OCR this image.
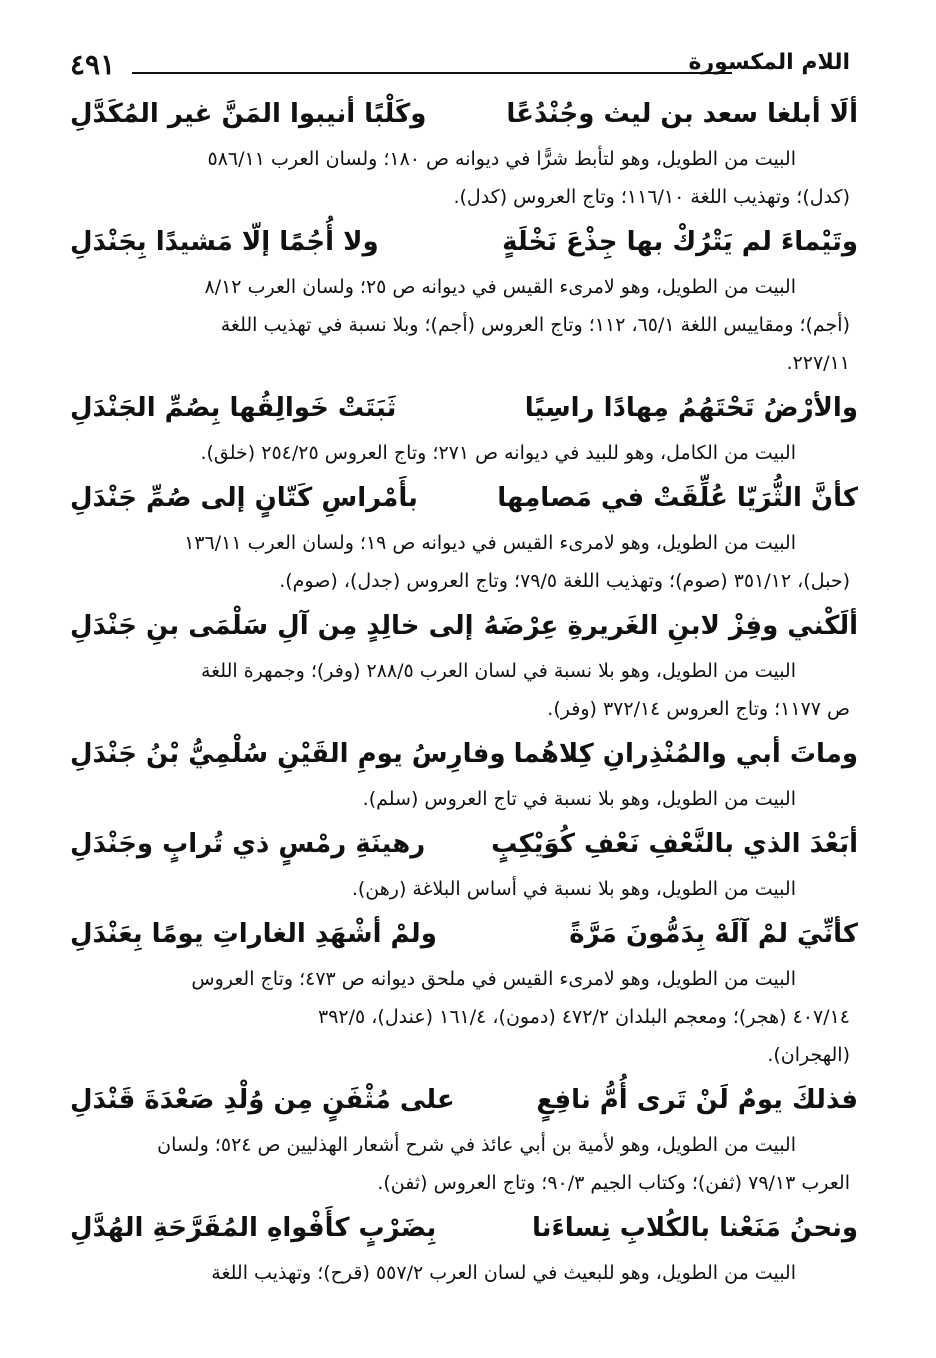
٤٩١	اللام المكسورة
ألَا أبلغا سعد بن ليث وجُنْدُعًا
وكَلْبًا أنيبوا المَنَّ غير المُكَدَّلِ
البيت من الطويل، وهو لتأبط شرًّا في ديوانه ص ١٨٠؛ ولسان العرب ٥٨٦/١١
(كدل)؛ وتهذيب اللغة ١١٦/١٠؛ وتاج العروس (كدل).
وتَيْماءَ لم يَتْرُكْ بها جِذْعَ نَخْلَةٍ
ولا أُجُمًا إلّا مَشيدًا بِجَنْدَلِ
البيت من الطويل، وهو لامرىء القيس في ديوانه ص ٢٥؛ ولسان العرب ٨/١٢
(أجم)؛ ومقاييس اللغة ٦٥/١، ١١٢؛ وتاج العروس (أجم)؛ وبلا نسبة في تهذيب اللغة
٢٢٧/١١.
والأرْضُ تَحْتَهُمُ مِهادًا راسِيًا
ثَبَتَتْ خَوالِقُها بِصُمِّ الجَنْدَلِ
البيت من الكامل، وهو للبيد في ديوانه ص ٢٧١؛ وتاج العروس ٢٥٤/٢٥ (خلق).
كأنَّ الثُّرَيّا عُلِّقَتْ في مَصامِها
بأَمْراسِ كَتّانٍ إلى صُمِّ جَنْدَلِ
البيت من الطويل، وهو لامرىء القيس في ديوانه ص ١٩؛ ولسان العرب ١٣٦/١١
(حبل)، ٣٥١/١٢ (صوم)؛ وتهذيب اللغة ٧٩/٥؛ وتاج العروس (جدل)، (صوم).
ألَكْني وفِزْ لابنِ الغَريرةِ عِرْضَهُ
إلى خالِدٍ مِن آلِ سَلْمَى بنِ جَنْدَلِ
البيت من الطويل، وهو بلا نسبة في لسان العرب ٢٨٨/٥ (وفر)؛ وجمهرة اللغة
ص ١١٧٧؛ وتاج العروس ٣٧٢/١٤ (وفر).
وماتَ أبي والمُنْذِرانِ كِلاهُما
وفارِسُ يومِ القَيْنِ سُلْمِيُّ بْنُ جَنْدَلِ
البيت من الطويل، وهو بلا نسبة في تاج العروس (سلم).
أبَعْدَ الذي بالنَّعْفِ نَعْفِ كُوَيْكِبٍ
رهينَةِ رمْسٍ ذي تُرابٍ وجَنْدَلِ
البيت من الطويل، وهو بلا نسبة في أساس البلاغة (رهن).
كأنِّيَ لمْ آلَهْ بِدَمُّونَ مَرَّةً
ولمْ أشْهَدِ الغاراتِ يومًا بِعَنْدَلِ
البيت من الطويل، وهو لامرىء القيس في ملحق ديوانه ص ٤٧٣؛ وتاج العروس
٤٠٧/١٤ (هجر)؛ ومعجم البلدان ٤٧٢/٢ (دمون)، ١٦١/٤ (عندل)، ٣٩٢/٥
(الهجران).
فذلكَ يومٌ لَنْ تَرى أُمُّ نافِعٍ
على مُثْفَنٍ مِن وُلْدِ صَعْدَةَ قَنْدَلِ
البيت من الطويل، وهو لأمية بن أبي عائذ في شرح أشعار الهذليين ص ٥٢٤؛ ولسان
العرب ٧٩/١٣ (ثفن)؛ وكتاب الجيم ٩٠/٣؛ وتاج العروس (ثفن).
ونحنُ مَنَعْنا بالكُلابِ نِساءَنا
بِضَرْبٍ كأَفْواهِ المُقَرَّحَةِ الهُدَّلِ
البيت من الطويل، وهو للبعيث في لسان العرب ٥٥٧/٢ (قرح)؛ وتهذيب اللغة
